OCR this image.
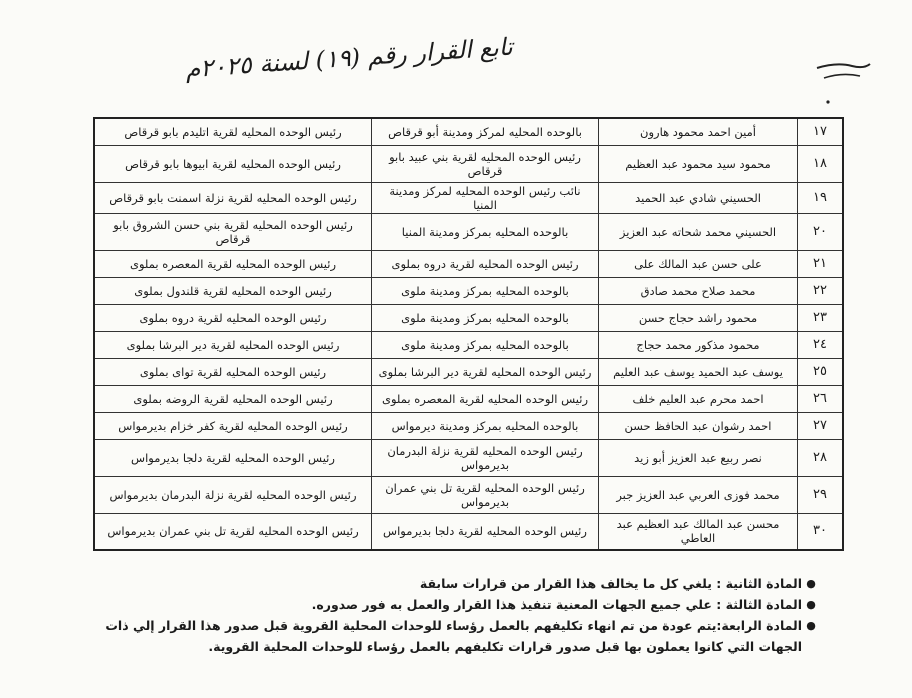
تابع القرار رقم (١٩) لسنة ٢٠٢٥م
١٧	أمين احمد محمود هارون	بالوحده المحليه لمركز ومدينة أبو قرقاص	رئيس الوحده المحليه لقرية اتليدم بابو قرقاص
١٨	محمود سيد محمود عبد العظيم	رئيس الوحده المحليه لقرية بني عبيد بابو قرقاص	رئيس الوحده المحليه لقرية ابيوها بابو قرقاص
١٩	الحسيني شادي عبد الحميد	نائب رئيس الوحده المحليه لمركز ومدينة المنيا	رئيس الوحده المحليه لقرية نزلة اسمنت بابو قرقاص
٢٠	الحسيني محمد شحاته عبد العزيز	بالوحده المحليه بمركز ومدينة المنيا	رئيس الوحده المحليه لقرية بني حسن الشروق بابو قرقاص
٢١	على حسن عبد المالك على	رئيس الوحده المحليه لقرية دروه بملوى	رئيس الوحده المحليه لقرية المعصره بملوى
٢٢	محمد صلاح محمد صادق	بالوحده المحليه بمركز ومدينة ملوى	رئيس الوحده المحليه لقرية قلندول بملوى
٢٣	محمود راشد حجاج حسن	بالوحده المحليه بمركز ومدينة ملوى	رئيس الوحده المحليه لقرية دروه بملوى
٢٤	محمود مذكور محمد حجاج	بالوحده المحليه بمركز ومدينة ملوى	رئيس الوحده المحليه لقرية دير البرشا بملوى
٢٥	يوسف عبد الحميد يوسف عبد العليم	رئيس الوحده المحليه لقرية دير البرشا بملوى	رئيس الوحده المحليه لقرية تواى بملوى
٢٦	احمد محرم عبد العليم خلف	رئيس الوحده المحليه لقرية المعصره بملوى	رئيس الوحده المحليه لقرية الروضه بملوى
٢٧	احمد رشوان عبد الحافظ حسن	بالوحده المحليه بمركز ومدينة ديرمواس	رئيس الوحده المحليه لقرية كفر خزام بديرمواس
٢٨	نصر ربيع عبد العزيز أبو زيد	رئيس الوحده المحليه لقرية نزلة البدرمان بديرمواس	رئيس الوحده المحليه لقرية دلجا بديرمواس
٢٩	محمد فوزى العربي عبد العزيز جبر	رئيس الوحده المحليه لقرية تل بني عمران بديرمواس	رئيس الوحده المحليه لقرية نزلة البدرمان بديرمواس
٣٠	محسن عبد المالك عبد العظيم عبد العاطي	رئيس الوحده المحليه لقرية دلجا بديرمواس	رئيس الوحده المحليه لقرية تل بني عمران بديرمواس
●
المادة الثانية : يلغي كل ما يخالف هذا القرار من قرارات سابقة
●
المادة الثالثة : علي جميع الجهات المعنية تنفيذ هذا القرار والعمل به فور صدوره.
●
المادة الرابعة:يتم عودة من تم انهاء تكليفهم بالعمل رؤساء للوحدات المحلية القروية قبل صدور هذا القرار إلي ذات الجهات التي كانوا يعملون بها قبل صدور قرارات تكليفهم بالعمل رؤساء للوحدات المحلية القروية.
